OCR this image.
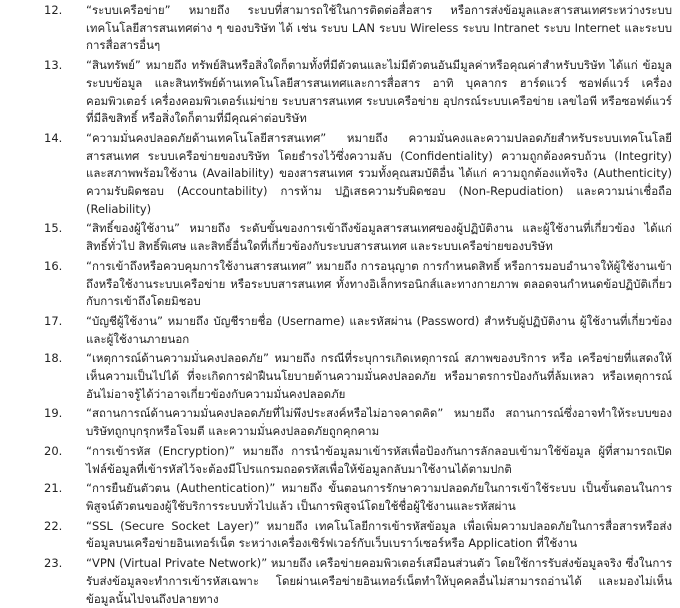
12.	“ระบบเครือข่าย” หมายถึง ระบบที่สามารถใช้ในการติดต่อสื่อสาร หรือการส่งข้อมูลและสารสนเทศระหว่างระบบเทคโนโลยีสารสนเทศต่าง ๆ ของบริษัท ได้ เช่น ระบบ LAN ระบบ Wireless ระบบ Intranet ระบบ Internet และระบบการสื่อสารอื่นๆ
13.	“สินทรัพย์” หมายถึง ทรัพย์สินหรือสิ่งใดก็ตามทั้งที่มีตัวตนและไม่มีตัวตนอันมีมูลค่าหรือคุณค่าสำหรับบริษัท ได้แก่ ข้อมูล ระบบข้อมูล และสินทรัพย์ด้านเทคโนโลยีสารสนเทศและการสื่อสาร อาทิ บุคลากร ฮาร์ดแวร์ ซอฟต์แวร์ เครื่องคอมพิวเตอร์ เครื่องคอมพิวเตอร์แม่ข่าย ระบบสารสนเทศ ระบบเครือข่าย อุปกรณ์ระบบเครือข่าย เลขไอพี หรือซอฟต์แวร์ที่มีลิขสิทธิ์ หรือสิ่งใดก็ตามที่มีคุณค่าต่อบริษัท
14.	“ความมั่นคงปลอดภัยด้านเทคโนโลยีสารสนเทศ” หมายถึง ความมั่นคงและความปลอดภัยสำหรับระบบเทคโนโลยีสารสนเทศ ระบบเครือข่ายของบริษัท โดยธำรงไว้ซึ่งความลับ (Confidentiality) ความถูกต้องครบถ้วน (Integrity) และสภาพพร้อมใช้งาน (Availability) ของสารสนเทศ รวมทั้งคุณสมบัติอื่น ได้แก่ ความถูกต้องแท้จริง (Authenticity) ความรับผิดชอบ (Accountability) การห้าม ปฏิเสธความรับผิดชอบ (Non-Repudiation) และความน่าเชื่อถือ (Reliability)
15.	“สิทธิ์ของผู้ใช้งาน” หมายถึง ระดับขั้นของการเข้าถึงข้อมูลสารสนเทศของผู้ปฏิบัติงาน และผู้ใช้งานที่เกี่ยวข้อง ได้แก่ สิทธิ์ทั่วไป สิทธิ์พิเศษ และสิทธิ์อื่นใดที่เกี่ยวข้องกับระบบสารสนเทศ และระบบเครือข่ายของบริษัท
16.	“การเข้าถึงหรือควบคุมการใช้งานสารสนเทศ” หมายถึง การอนุญาต การกำหนดสิทธิ์ หรือการมอบอำนาจให้ผู้ใช้งานเข้าถึงหรือใช้งานระบบเครือข่าย หรือระบบสารสนเทศ ทั้งทางอิเล็กทรอนิกส์และทางกายภาพ ตลอดจนกำหนดข้อปฏิบัติเกี่ยวกับการเข้าถึงโดยมิชอบ
17.	“บัญชีผู้ใช้งาน” หมายถึง บัญชีรายชื่อ (Username) และรหัสผ่าน (Password) สำหรับผู้ปฏิบัติงาน ผู้ใช้งานที่เกี่ยวข้อง และผู้ใช้งานภายนอก
18.	“เหตุการณ์ด้านความมั่นคงปลอดภัย” หมายถึง กรณีที่ระบุการเกิดเหตุการณ์ สภาพของบริการ หรือ เครือข่ายที่แสดงให้เห็นความเป็นไปได้ ที่จะเกิดการฝ่าฝืนนโยบายด้านความมั่นคงปลอดภัย หรือมาตรการป้องกันที่ล้มเหลว หรือเหตุการณ์อันไม่อาจรู้ได้ว่าอาจเกี่ยวข้องกับความมั่นคงปลอดภัย
19.	“สถานการณ์ด้านความมั่นคงปลอดภัยที่ไม่พึงประสงค์หรือไม่อาจคาดคิด” หมายถึง สถานการณ์ซึ่งอาจทำให้ระบบของบริษัทถูกบุกรุกหรือโจมตี และความมั่นคงปลอดภัยถูกคุกคาม
20.	“การเข้ารหัส (Encryption)” หมายถึง การนำข้อมูลมาเข้ารหัสเพื่อป้องกันการลักลอบเข้ามาใช้ข้อมูล ผู้ที่สามารถเปิดไฟล์ข้อมูลที่เข้ารหัสไว้จะต้องมีโปรแกรมถอดรหัสเพื่อให้ข้อมูลกลับมาใช้งานได้ตามปกติ
21.	“การยืนยันตัวตน (Authentication)” หมายถึง ขั้นตอนการรักษาความปลอดภัยในการเข้าใช้ระบบ เป็นขั้นตอนในการพิสูจน์ตัวตนของผู้ใช้บริการระบบทั่วไปแล้ว เป็นการพิสูจน์โดยใช้ชื่อผู้ใช้งานและรหัสผ่าน
22.	“SSL (Secure Socket Layer)” หมายถึง เทคโนโลยีการเข้ารหัสข้อมูล เพื่อเพิ่มความปลอดภัยในการสื่อสารหรือส่งข้อมูลบนเครือข่ายอินเทอร์เน็ต ระหว่างเครื่องเซิร์ฟเวอร์กับเว็บเบราว์เซอร์หรือ Application ที่ใช้งาน
23.	“VPN (Virtual Private Network)” หมายถึง เครือข่ายคอมพิวเตอร์เสมือนส่วนตัว โดยใช้การรับส่งข้อมูลจริง ซึ่งในการรับส่งข้อมูลจะทำการเข้ารหัสเฉพาะ โดยผ่านเครือข่ายอินเทอร์เน็ตทำให้บุคคลอื่นไม่สามารถอ่านได้ และมองไม่เห็นข้อมูลนั้นไปจนถึงปลายทาง
